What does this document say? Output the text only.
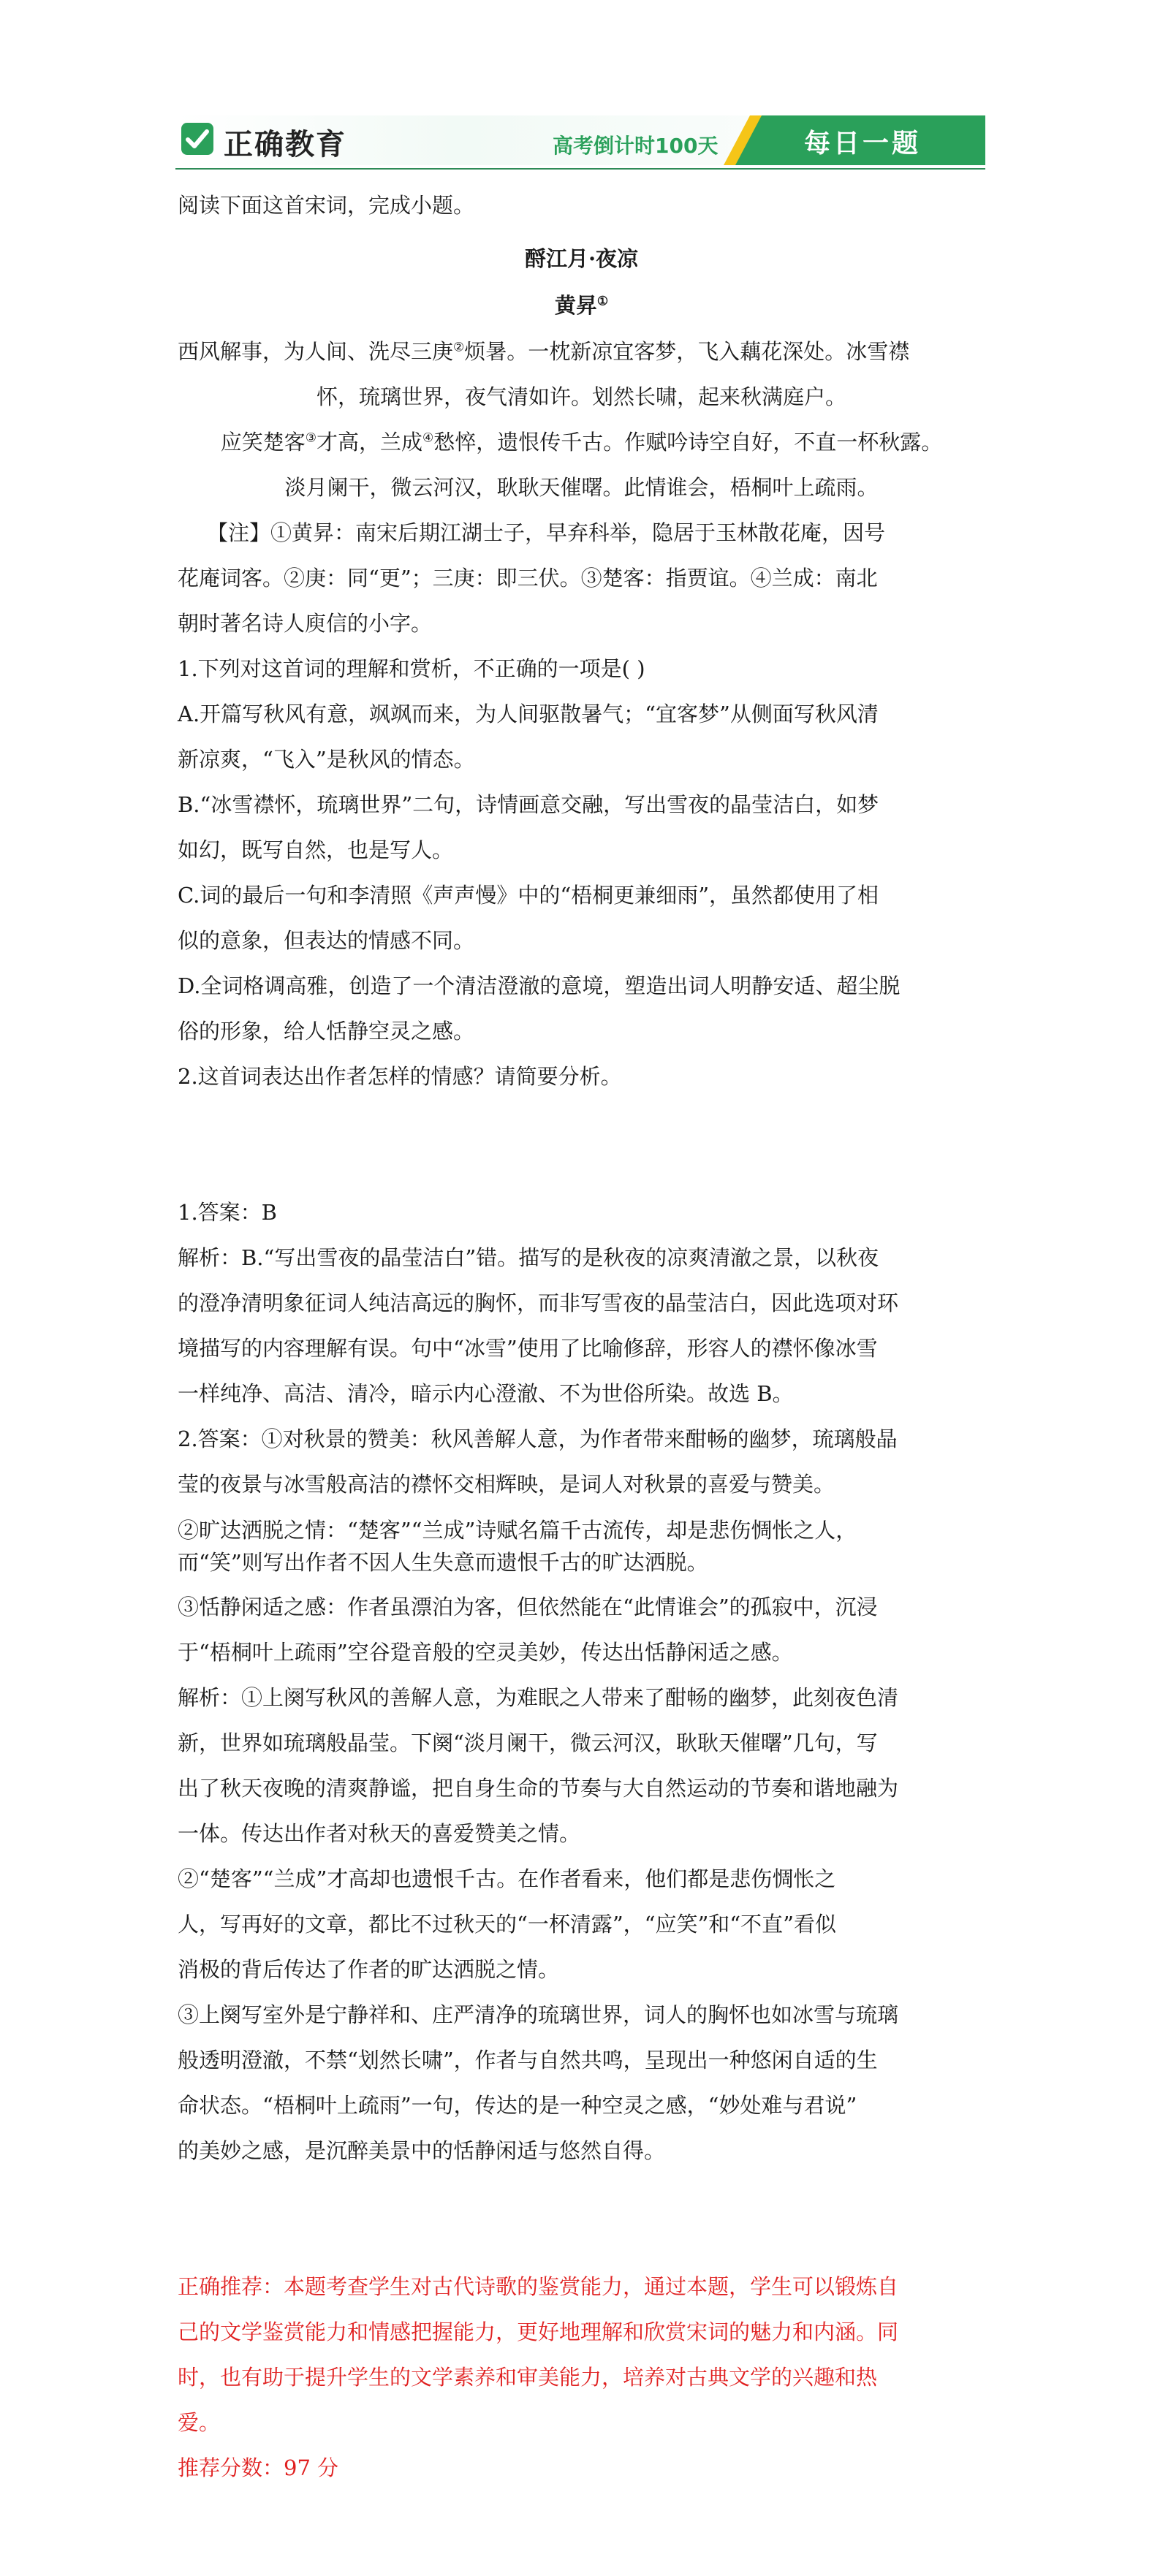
正确教育	高考倒计时100天	每日一题

阅读下面这首宋词，完成小题。

酹江月·夜凉

黄昇①

西风解事，为人间、洗尽三庚②烦暑。一枕新凉宜客梦，飞入藕花深处。冰雪襟

怀，琉璃世界，夜气清如许。划然长啸，起来秋满庭户。

应笑楚客③才高，兰成④愁悴，遗恨传千古。作赋吟诗空自好，不直一杯秋露。

淡月阑干，微云河汉，耿耿天催曙。此情谁会，梧桐叶上疏雨。

【注】①黄昇：南宋后期江湖士子，早弃科举，隐居于玉林散花庵，因号

花庵词客。②庚：同“更”；三庚：即三伏。③楚客：指贾谊。④兰成：南北

朝时著名诗人庾信的小字。

1.下列对这首词的理解和赏析，不正确的一项是( )

A.开篇写秋风有意，飒飒而来，为人间驱散暑气；“宜客梦”从侧面写秋风清

新凉爽，“飞入”是秋风的情态。

B.“冰雪襟怀，琉璃世界”二句，诗情画意交融，写出雪夜的晶莹洁白，如梦

如幻，既写自然，也是写人。

C.词的最后一句和李清照《声声慢》中的“梧桐更兼细雨”，虽然都使用了相

似的意象，但表达的情感不同。

D.全词格调高雅，创造了一个清洁澄澈的意境，塑造出词人明静安适、超尘脱

俗的形象，给人恬静空灵之感。

2.这首词表达出作者怎样的情感？请简要分析。

1.答案：B

解析：B.“写出雪夜的晶莹洁白”错。描写的是秋夜的凉爽清澈之景，以秋夜

的澄净清明象征词人纯洁高远的胸怀，而非写雪夜的晶莹洁白，因此选项对环

境描写的内容理解有误。句中“冰雪”使用了比喻修辞，形容人的襟怀像冰雪

一样纯净、高洁、清冷，暗示内心澄澈、不为世俗所染。故选 B。

2.答案：①对秋景的赞美：秋风善解人意，为作者带来酣畅的幽梦，琉璃般晶

莹的夜景与冰雪般高洁的襟怀交相辉映，是词人对秋景的喜爱与赞美。

②旷达洒脱之情：“楚客”“兰成”诗赋名篇千古流传，却是悲伤惆怅之人，

而“笑”则写出作者不因人生失意而遗恨千古的旷达洒脱。

③恬静闲适之感：作者虽漂泊为客，但依然能在“此情谁会”的孤寂中，沉浸

于“梧桐叶上疏雨”空谷跫音般的空灵美妙，传达出恬静闲适之感。

解析：①上阕写秋风的善解人意，为难眠之人带来了酣畅的幽梦，此刻夜色清

新，世界如琉璃般晶莹。下阕“淡月阑干，微云河汉，耿耿天催曙”几句，写

出了秋天夜晚的清爽静谧，把自身生命的节奏与大自然运动的节奏和谐地融为

一体。传达出作者对秋天的喜爱赞美之情。

②“楚客”“兰成”才高却也遗恨千古。在作者看来，他们都是悲伤惆怅之

人，写再好的文章，都比不过秋天的“一杯清露”，“应笑”和“不直”看似

消极的背后传达了作者的旷达洒脱之情。

③上阕写室外是宁静祥和、庄严清净的琉璃世界，词人的胸怀也如冰雪与琉璃

般透明澄澈，不禁“划然长啸”，作者与自然共鸣，呈现出一种悠闲自适的生

命状态。“梧桐叶上疏雨”一句，传达的是一种空灵之感，“妙处难与君说”

的美妙之感，是沉醉美景中的恬静闲适与悠然自得。

正确推荐：本题考查学生对古代诗歌的鉴赏能力，通过本题，学生可以锻炼自

己的文学鉴赏能力和情感把握能力，更好地理解和欣赏宋词的魅力和内涵。同

时，也有助于提升学生的文学素养和审美能力，培养对古典文学的兴趣和热

爱。

推荐分数：97 分
